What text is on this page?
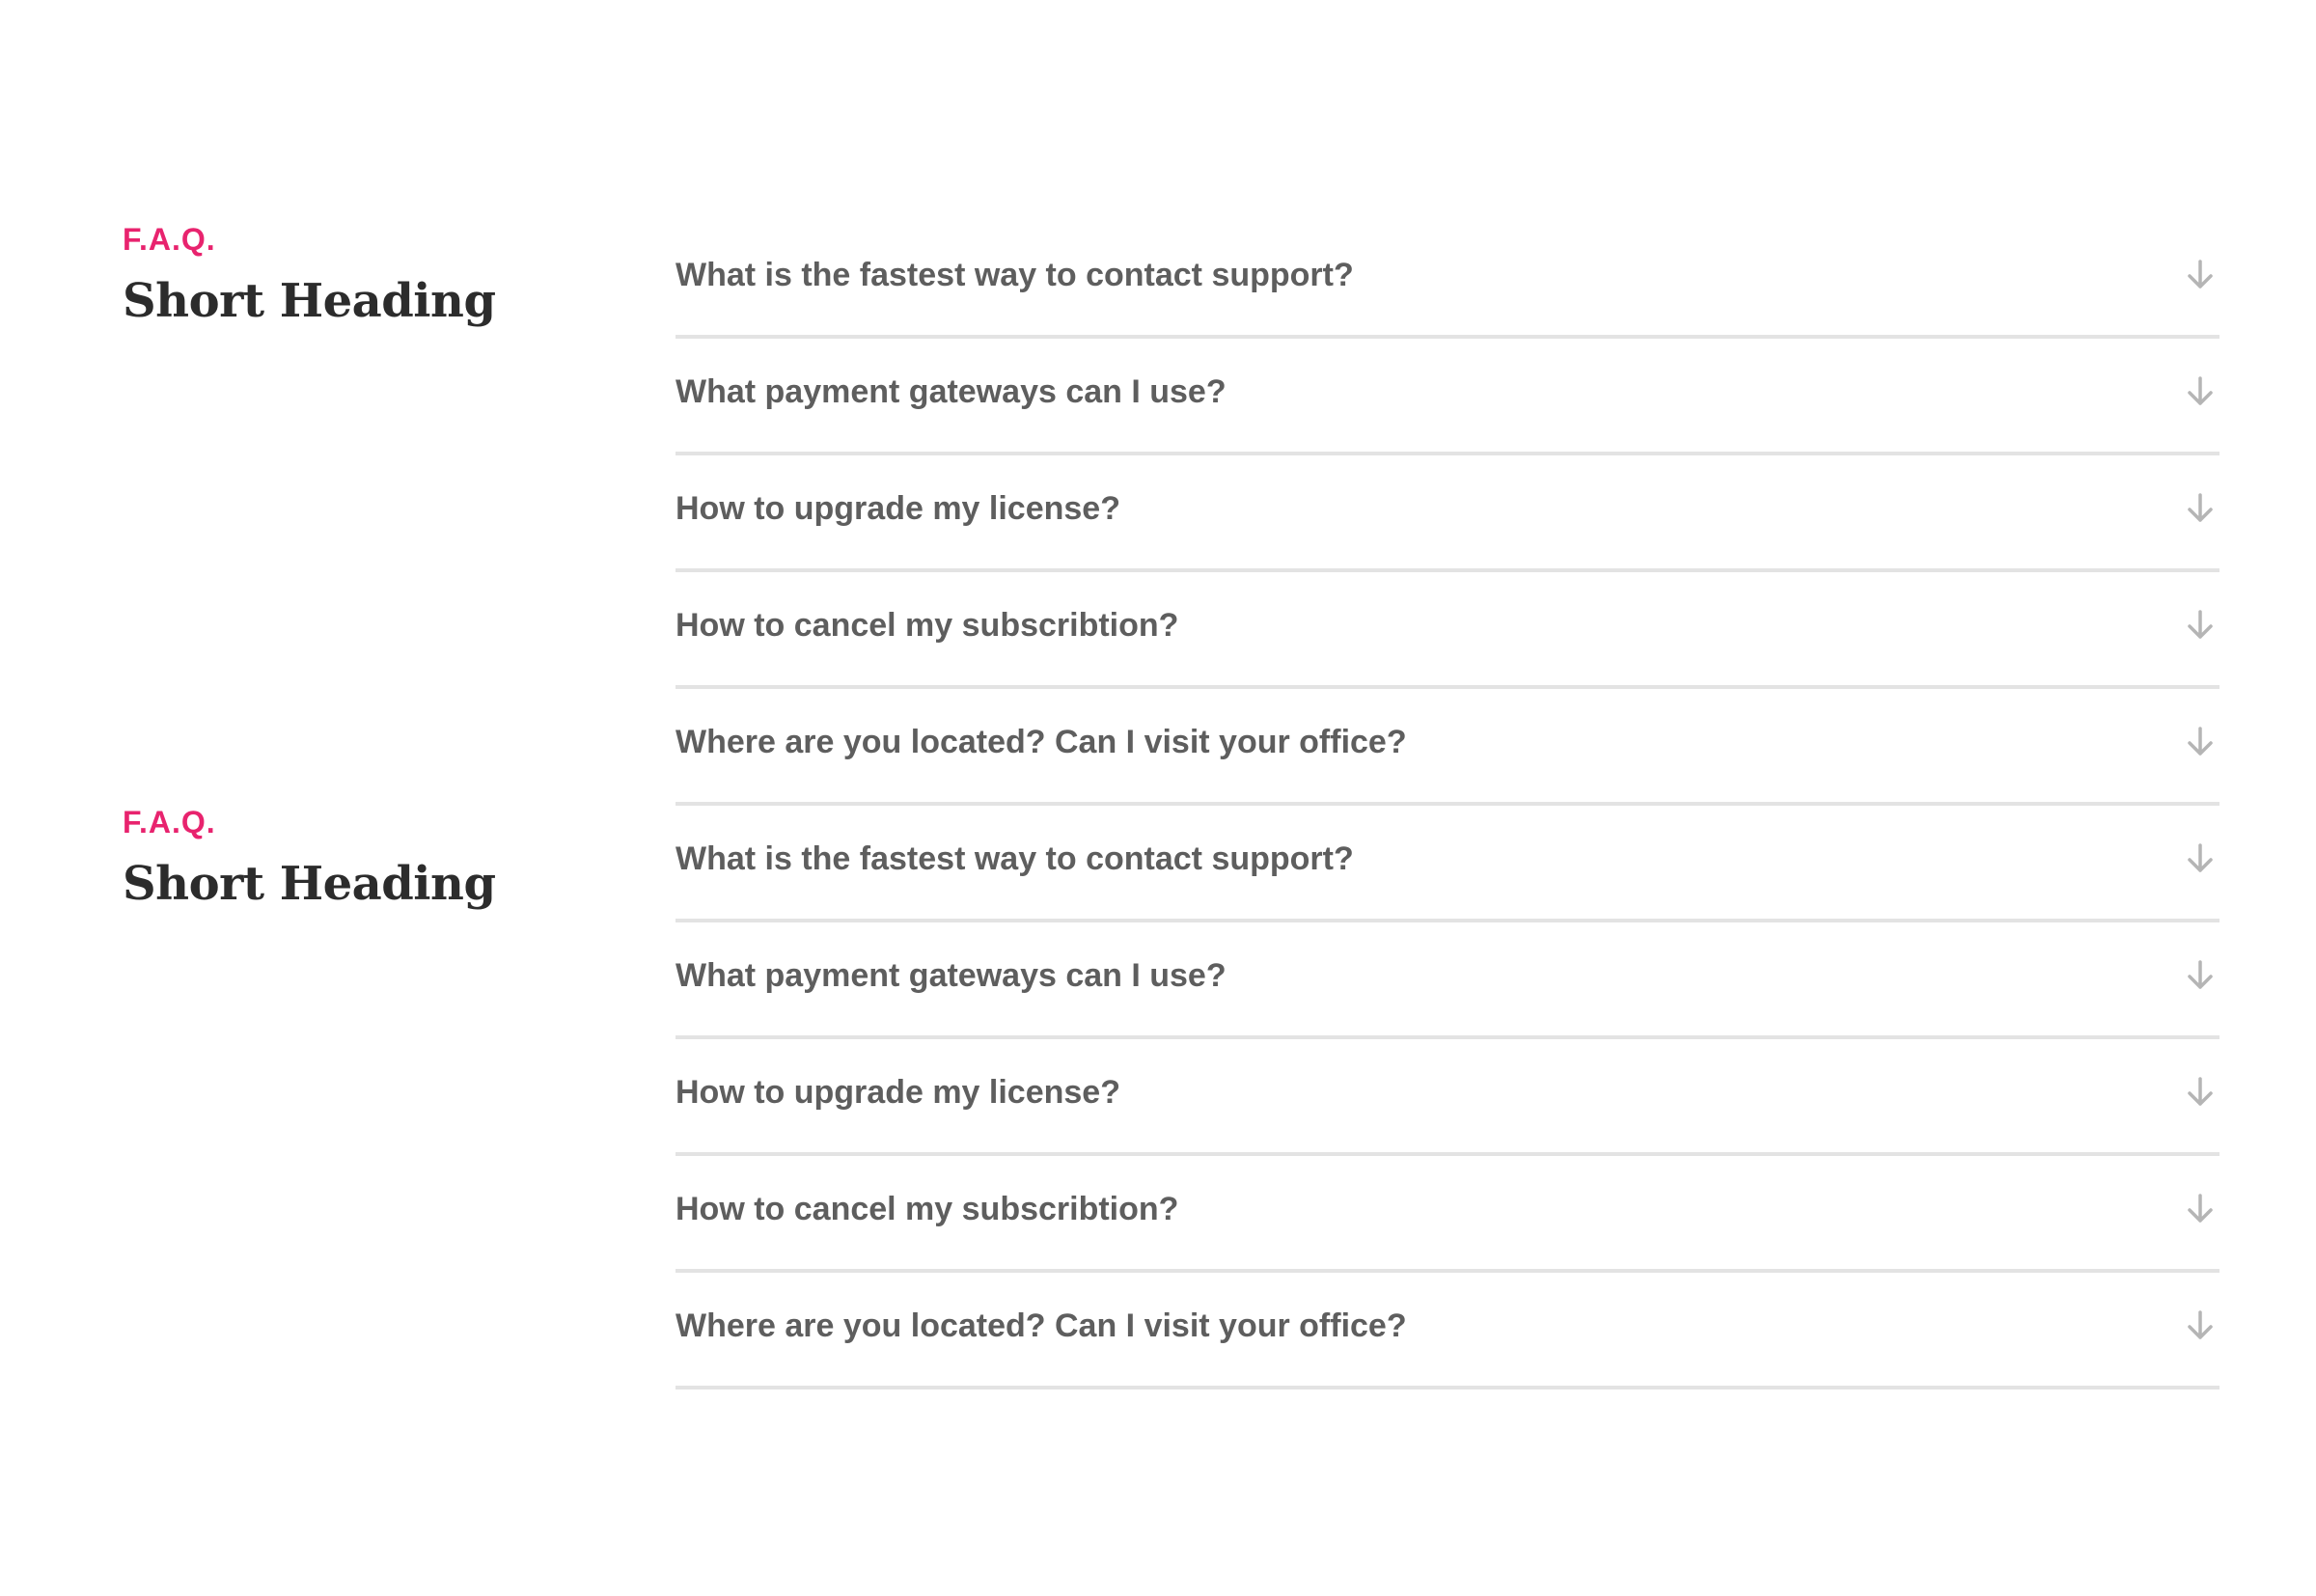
F.A.Q.
Short Heading
F.A.Q.
Short Heading
What is the fastest way to contact support?
What payment gateways can I use?
How to upgrade my license?
How to cancel my subscribtion?
Where are you located? Can I visit your office?
What is the fastest way to contact support?
What payment gateways can I use?
How to upgrade my license?
How to cancel my subscribtion?
Where are you located? Can I visit your office?
